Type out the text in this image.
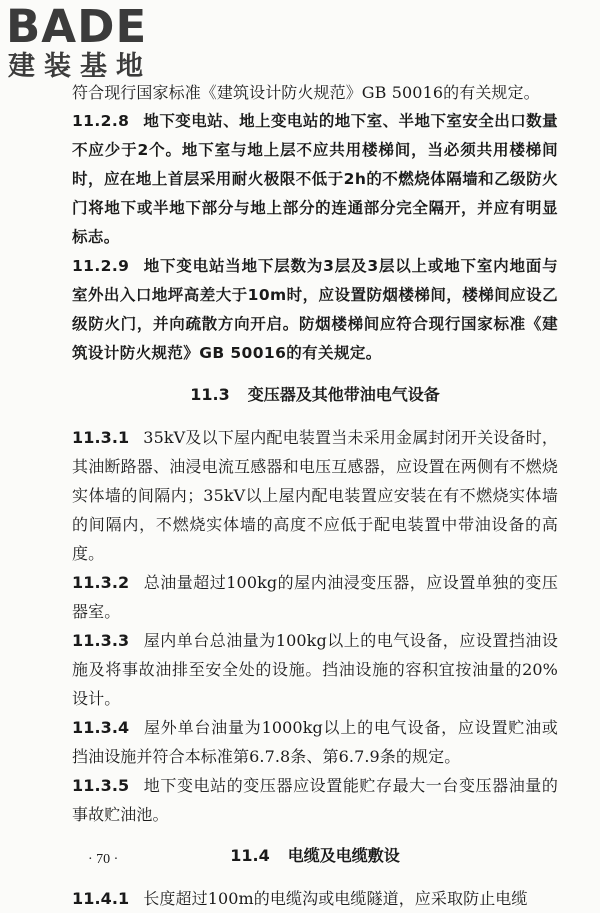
BADE
建装基地

符合现行国家标准《建筑设计防火规范》GB 50016的有关规定。

11.2.8 地下变电站、地上变电站的地下室、半地下室安全出口数量不应少于2个。地下室与地上层不应共用楼梯间，当必须共用楼梯间时，应在地上首层采用耐火极限不低于2h的不燃烧体隔墙和乙级防火门将地下或半地下部分与地上部分的连通部分完全隔开，并应有明显标志。

11.2.9 地下变电站当地下层数为3层及3层以上或地下室内地面与室外出入口地坪高差大于10m时，应设置防烟楼梯间，楼梯间应设乙级防火门，并向疏散方向开启。防烟楼梯间应符合现行国家标准《建筑设计防火规范》GB 50016的有关规定。

11.3 变压器及其他带油电气设备

11.3.1 35kV及以下屋内配电装置当未采用金属封闭开关设备时，其油断路器、油浸电流互感器和电压互感器，应设置在两侧有不燃烧实体墙的间隔内；35kV以上屋内配电装置应安装在有不燃烧实体墙的间隔内，不燃烧实体墙的高度不应低于配电装置中带油设备的高度。

11.3.2 总油量超过100kg的屋内油浸变压器，应设置单独的变压器室。

11.3.3 屋内单台总油量为100kg以上的电气设备，应设置挡油设施及将事故油排至安全处的设施。挡油设施的容积宜按油量的20%设计。

11.3.4 屋外单台油量为1000kg以上的电气设备，应设置贮油或挡油设施并符合本标准第6.7.8条、第6.7.9条的规定。

11.3.5 地下变电站的变压器应设置能贮存最大一台变压器油量的事故贮油池。

11.4 电缆及电缆敷设

11.4.1 长度超过100m的电缆沟或电缆隧道，应采取防止电缆

· 70 ·
